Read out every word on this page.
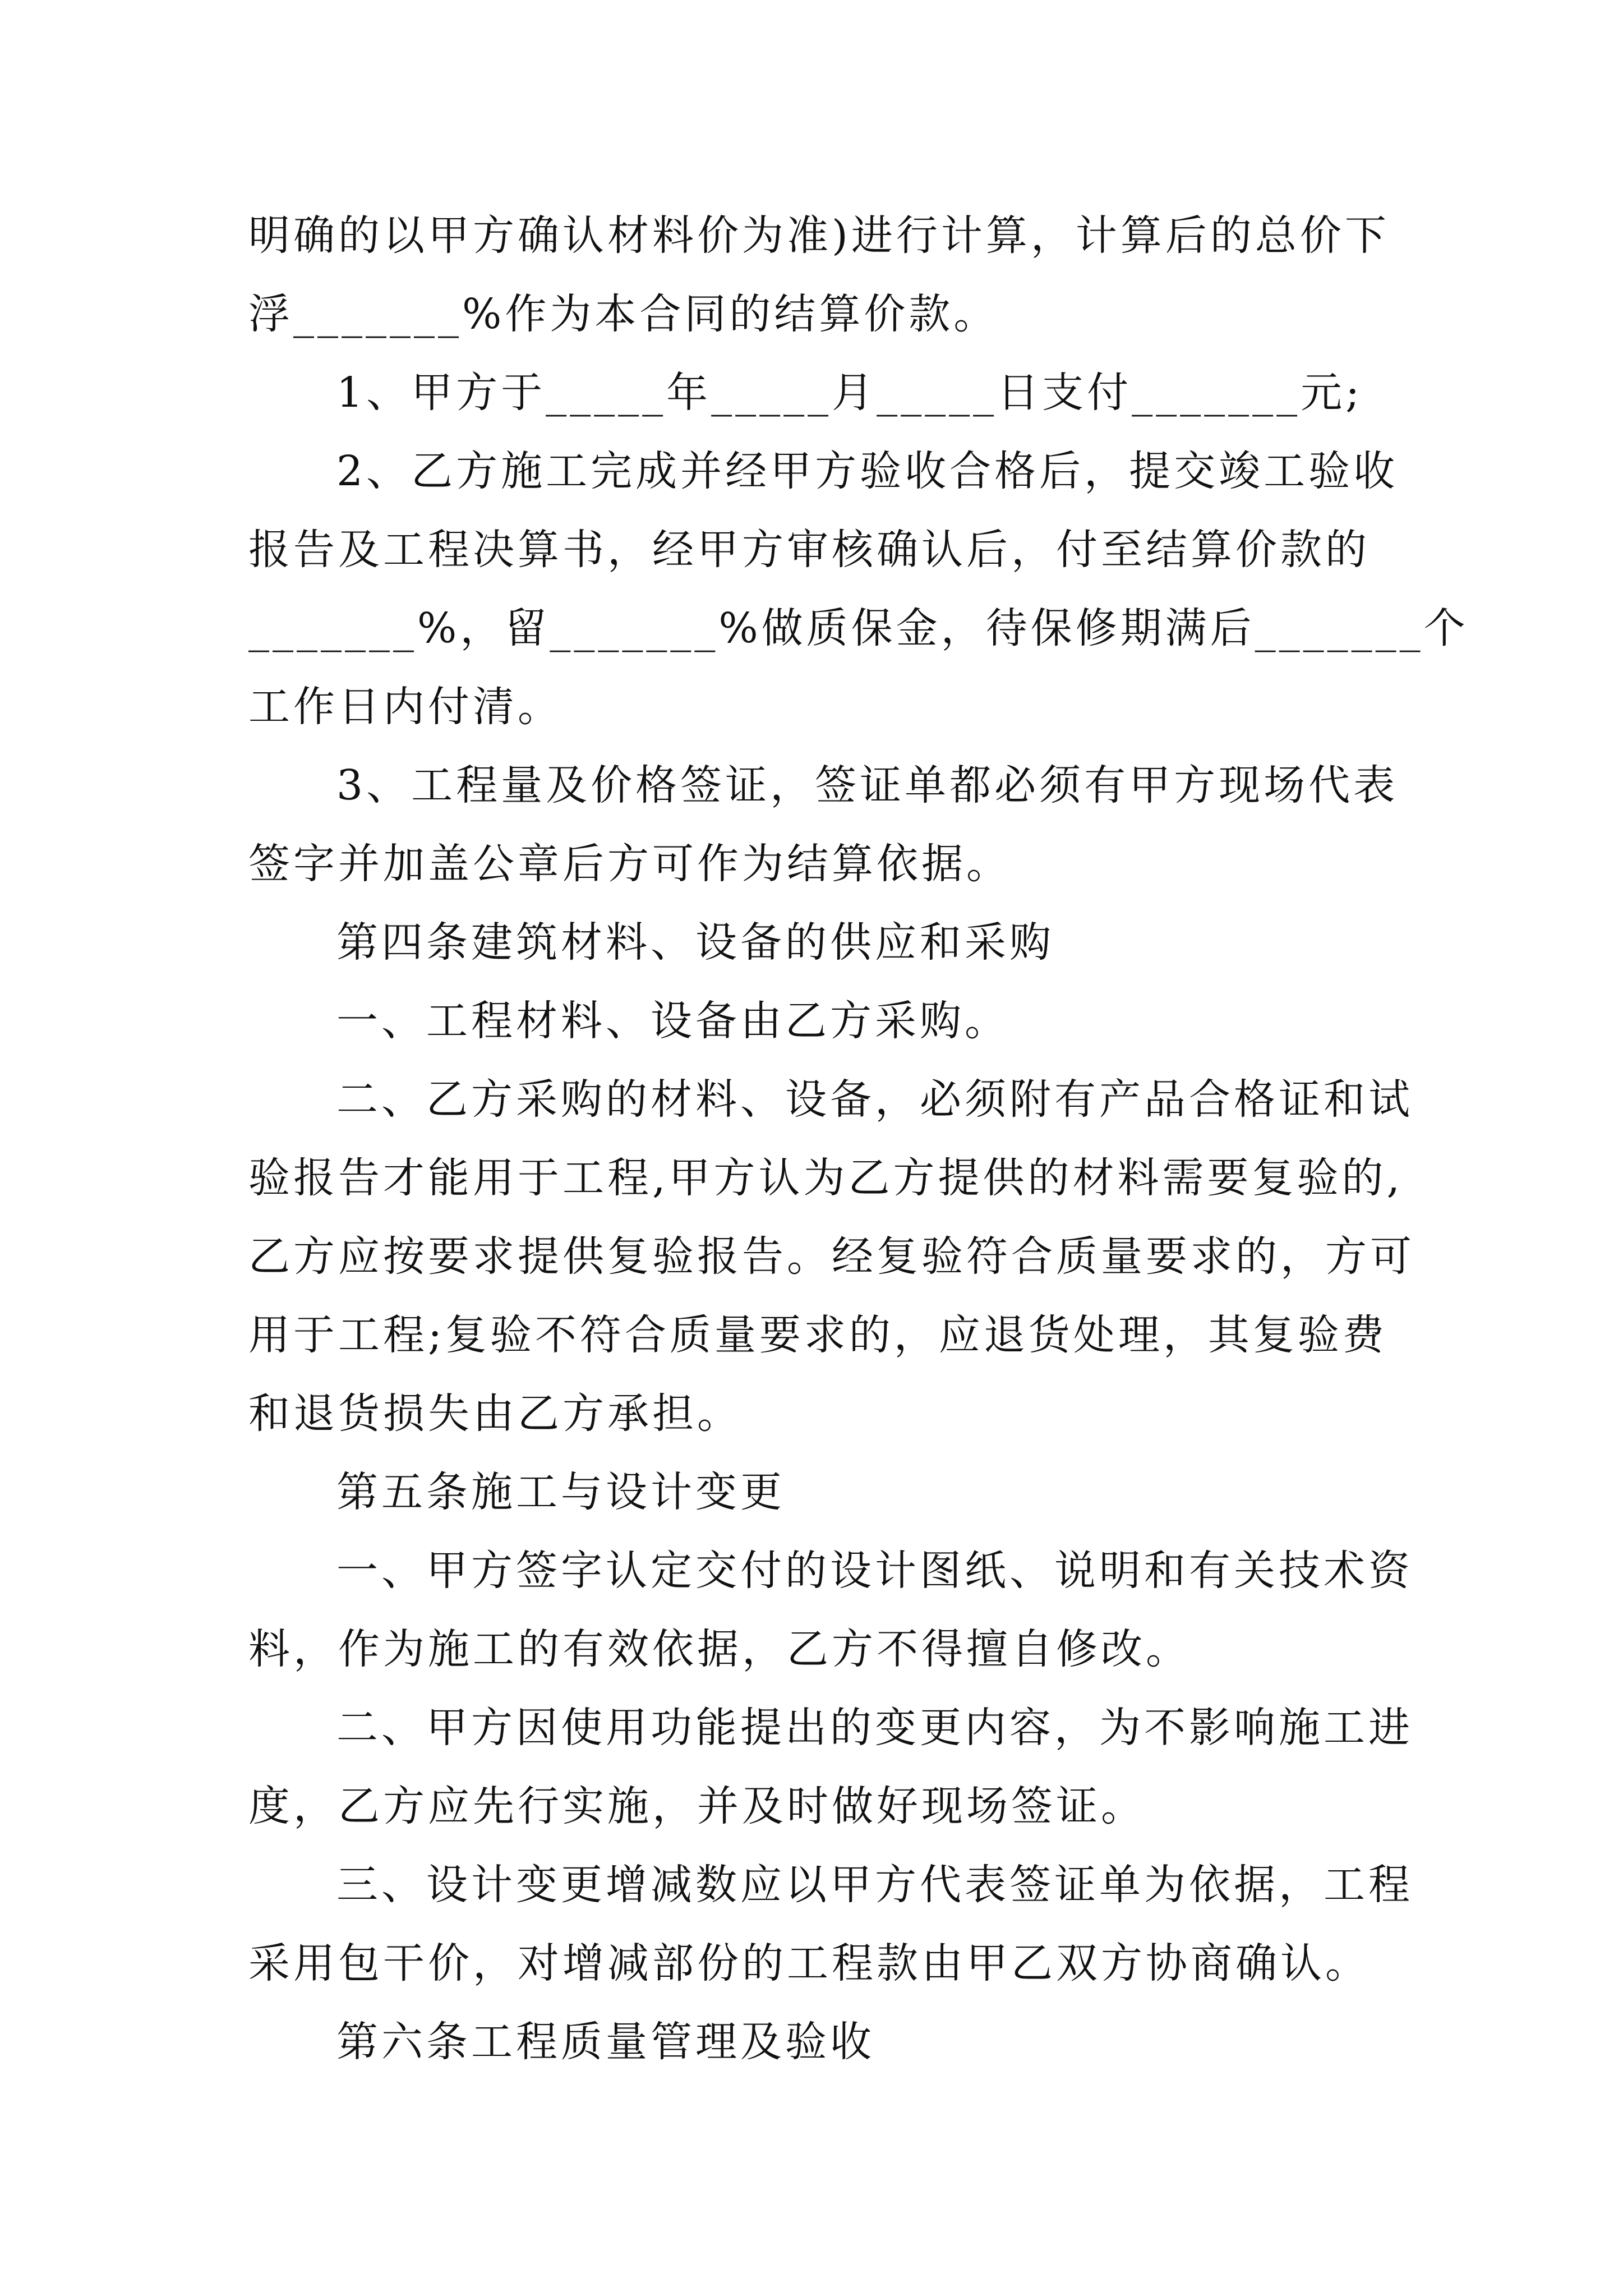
明确的以甲方确认材料价为准)进行计算，计算后的总价下
浮_______%作为本合同的结算价款。
1、甲方于_____年_____月_____日支付_______元;
2、乙方施工完成并经甲方验收合格后，提交竣工验收
报告及工程决算书，经甲方审核确认后，付至结算价款的
_______%，留_______%做质保金，待保修期满后_______个
工作日内付清。
3、工程量及价格签证，签证单都必须有甲方现场代表
签字并加盖公章后方可作为结算依据。
第四条建筑材料、设备的供应和采购
一、工程材料、设备由乙方采购。
二、乙方采购的材料、设备，必须附有产品合格证和试
验报告才能用于工程,甲方认为乙方提供的材料需要复验的,
乙方应按要求提供复验报告。经复验符合质量要求的，方可
用于工程;复验不符合质量要求的，应退货处理，其复验费
和退货损失由乙方承担。
第五条施工与设计变更
一、甲方签字认定交付的设计图纸、说明和有关技术资
料，作为施工的有效依据，乙方不得擅自修改。
二、甲方因使用功能提出的变更内容，为不影响施工进
度，乙方应先行实施，并及时做好现场签证。
三、设计变更增减数应以甲方代表签证单为依据，工程
采用包干价，对增减部份的工程款由甲乙双方协商确认。
第六条工程质量管理及验收
